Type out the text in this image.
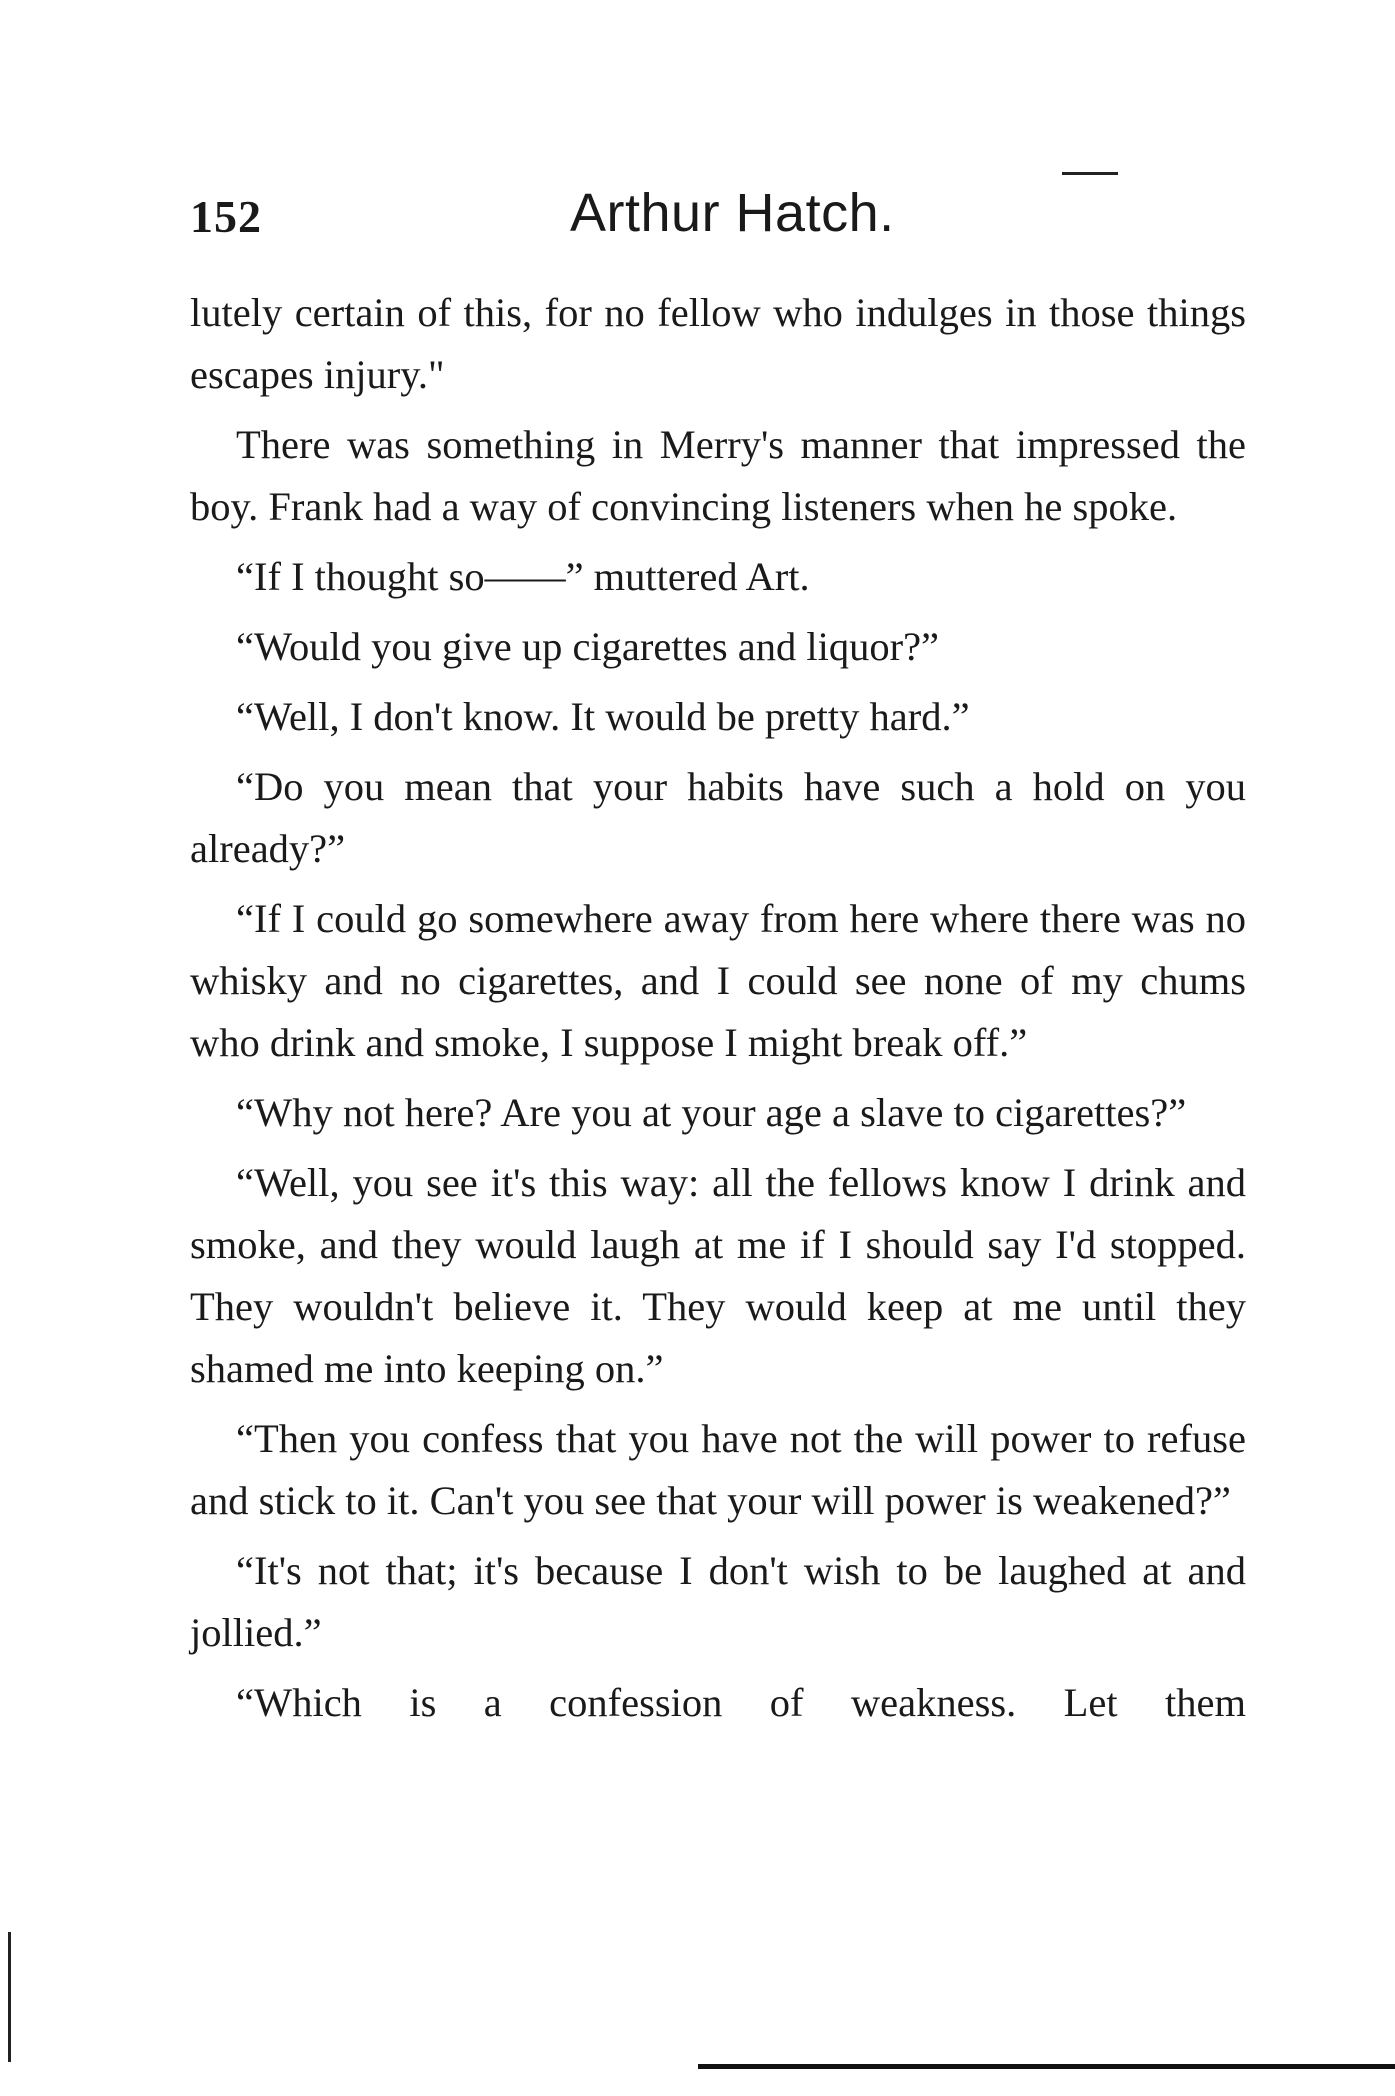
152	Arthur Hatch.

lutely certain of this, for no fellow who indulges in those things escapes injury."

There was something in Merry's manner that impressed the boy. Frank had a way of convincing listeners when he spoke.

“If I thought so——” muttered Art.

“Would you give up cigarettes and liquor?”

“Well, I don't know. It would be pretty hard.”

“Do you mean that your habits have such a hold on you already?”

“If I could go somewhere away from here where there was no whisky and no cigarettes, and I could see none of my chums who drink and smoke, I suppose I might break off.”

“Why not here? Are you at your age a slave to cigarettes?”

“Well, you see it's this way: all the fellows know I drink and smoke, and they would laugh at me if I should say I'd stopped. They wouldn't believe it. They would keep at me until they shamed me into keeping on.”

“Then you confess that you have not the will power to refuse and stick to it. Can't you see that your will power is weakened?”

“It's not that; it's because I don't wish to be laughed at and jollied.”

“Which is a confession of weakness. Let them
